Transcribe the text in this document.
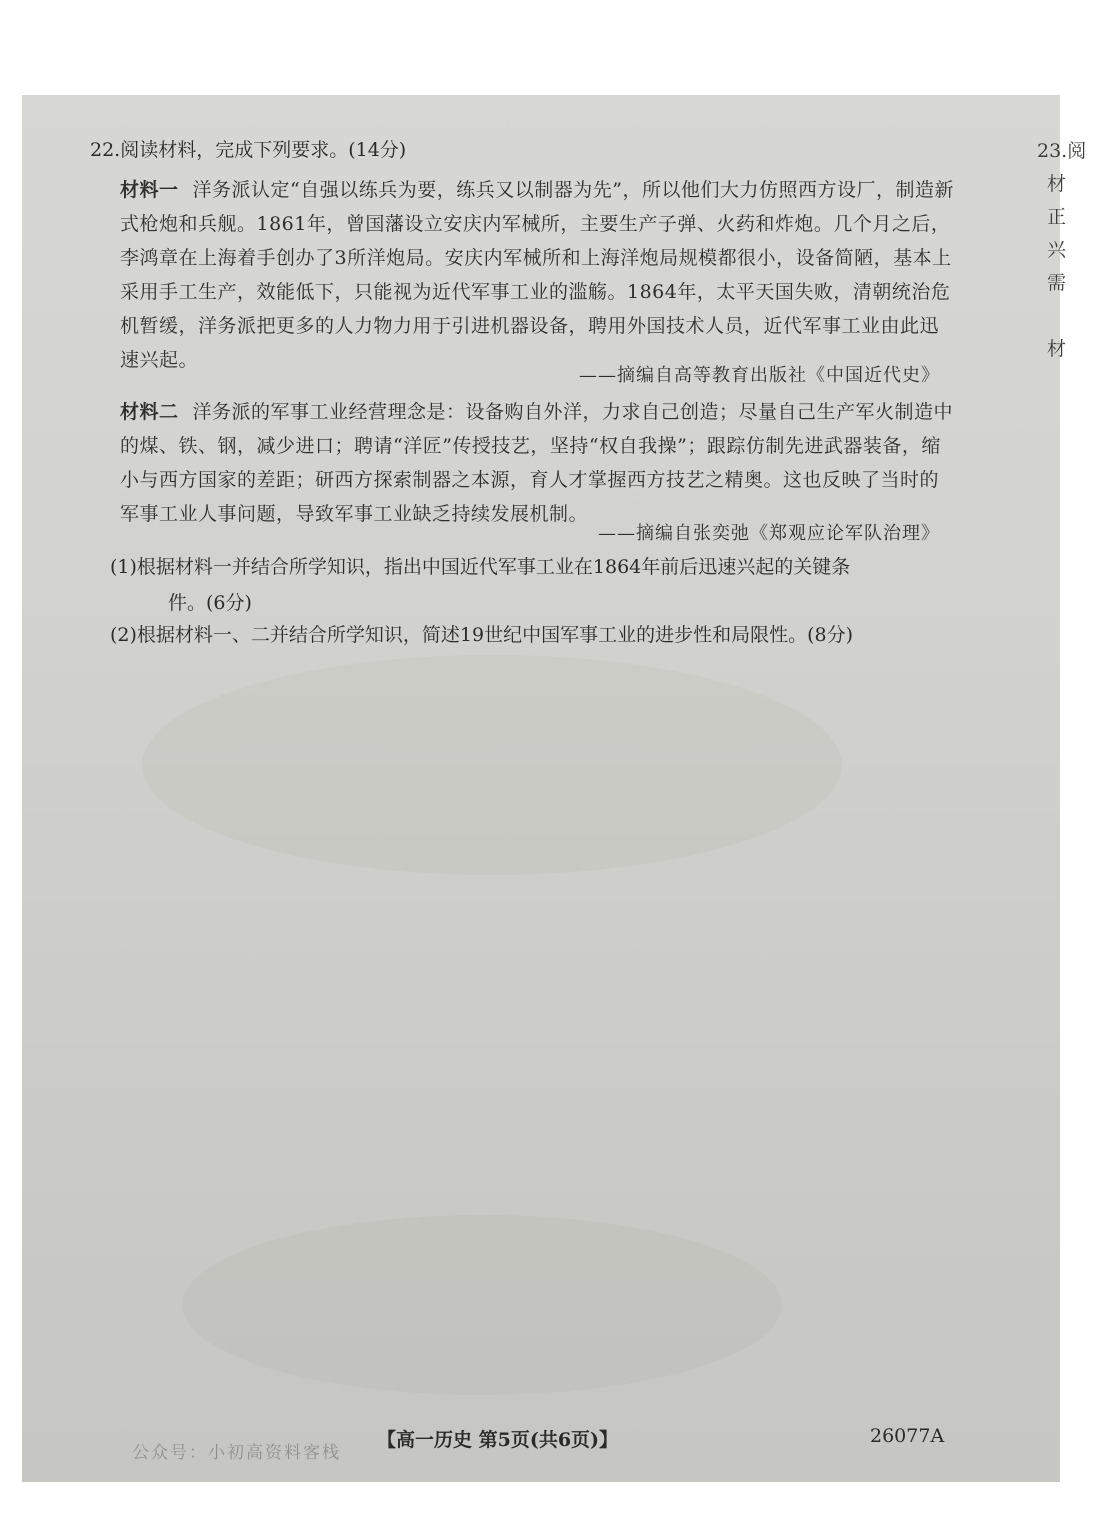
23.阅
材
正
兴
需
材
22.阅读材料，完成下列要求。(14分)
材料一 洋务派认定“自强以练兵为要，练兵又以制器为先”，所以他们大力仿照西方设厂，制造新式枪炮和兵舰。1861年，曾国藩设立安庆内军械所，主要生产子弹、火药和炸炮。几个月之后，李鸿章在上海着手创办了3所洋炮局。安庆内军械所和上海洋炮局规模都很小，设备简陋，基本上采用手工生产，效能低下，只能视为近代军事工业的滥觞。1864年，太平天国失败，清朝统治危机暂缓，洋务派把更多的人力物力用于引进机器设备，聘用外国技术人员，近代军事工业由此迅速兴起。
——摘编自高等教育出版社《中国近代史》
材料二 洋务派的军事工业经营理念是：设备购自外洋，力求自己创造；尽量自己生产军火制造中的煤、铁、钢，减少进口；聘请“洋匠”传授技艺，坚持“权自我操”；跟踪仿制先进武器装备，缩小与西方国家的差距；研西方探索制器之本源，育人才掌握西方技艺之精奥。这也反映了当时的军事工业人事问题，导致军事工业缺乏持续发展机制。
——摘编自张奕弛《郑观应论军队治理》
(1)根据材料一并结合所学知识，指出中国近代军事工业在1864年前后迅速兴起的关键条
件。(6分)
(2)根据材料一、二并结合所学知识，简述19世纪中国军事工业的进步性和局限性。(8分)
【高一历史 第5页(共6页)】	26077A
公众号：小初高资料客栈
